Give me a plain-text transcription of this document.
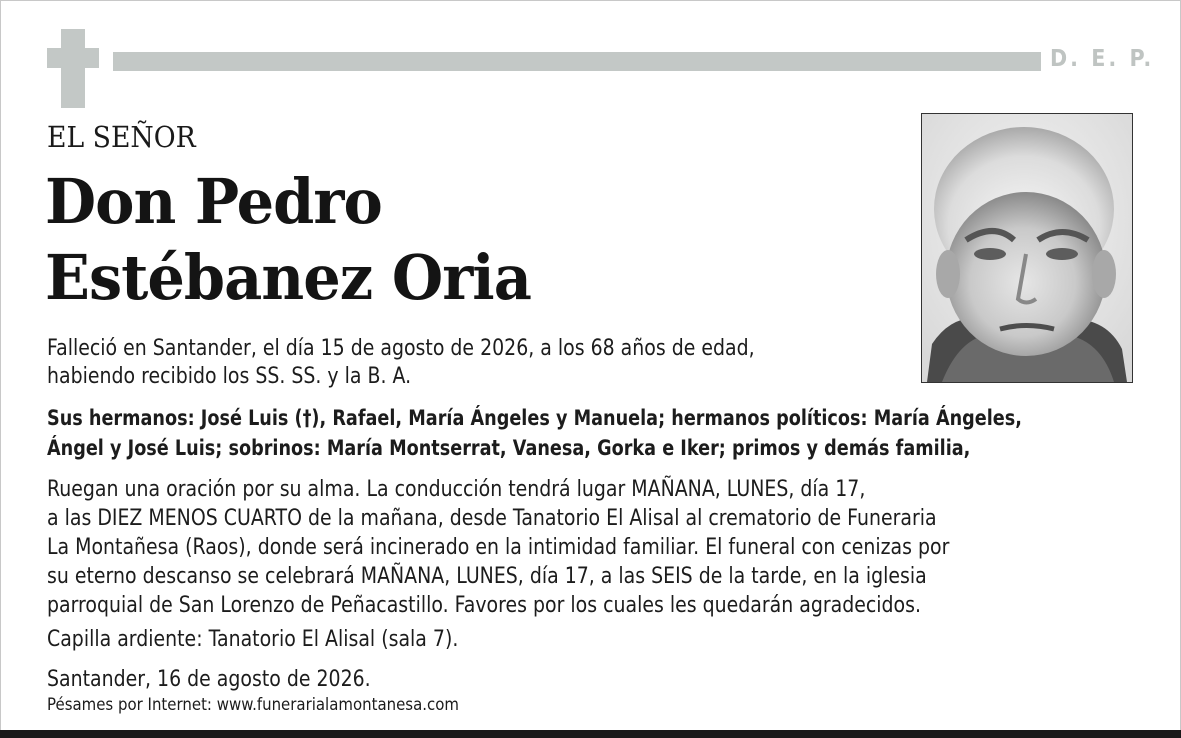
D. E. P.
EL SEÑOR
Don Pedro
Estébanez Oria
Falleció en Santander, el día 15 de agosto de 2026, a los 68 años de edad,
habiendo recibido los SS. SS. y la B. A.
Sus hermanos: José Luis (†), Rafael, María Ángeles y Manuela; hermanos políticos: María Ángeles,
Ángel y José Luis; sobrinos: María Montserrat, Vanesa, Gorka e Iker; primos y demás familia,
Ruegan una oración por su alma. La conducción tendrá lugar MAÑANA, LUNES, día 17,
a las DIEZ MENOS CUARTO de la mañana, desde Tanatorio El Alisal al crematorio de Funeraria
La Montañesa (Raos), donde será incinerado en la intimidad familiar. El funeral con cenizas por
su eterno descanso se celebrará MAÑANA, LUNES, día 17, a las SEIS de la tarde, en la iglesia
parroquial de San Lorenzo de Peñacastillo. Favores por los cuales les quedarán agradecidos.
Capilla ardiente: Tanatorio El Alisal (sala 7).
Santander, 16 de agosto de 2026.
Pésames por Internet: www.funerarialamontanesa.com
